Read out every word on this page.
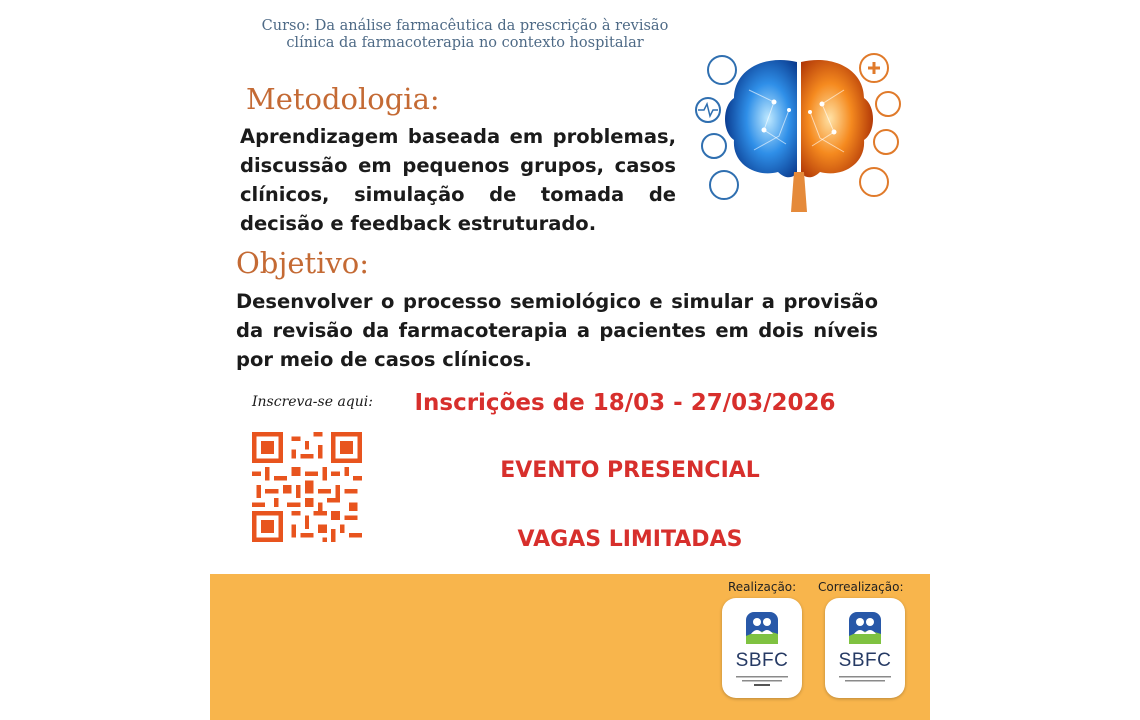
Curso: Da análise farmacêutica da prescrição à revisão clínica da farmacoterapia no contexto hospitalar
Metodologia:
Aprendizagem baseada em problemas, discussão em pequenos grupos, casos clínicos, simulação de tomada de decisão e feedback estruturado.
Objetivo:
Desenvolver o processo semiológico e simular a provisão da revisão da farmacoterapia a pacientes em dois níveis por meio de casos clínicos.
Inscreva-se aqui:	Inscrições de 18/03 - 27/03/2026
EVENTO PRESENCIAL
VAGAS LIMITADAS
Realização: Correalização:
SBFC	SBFC
